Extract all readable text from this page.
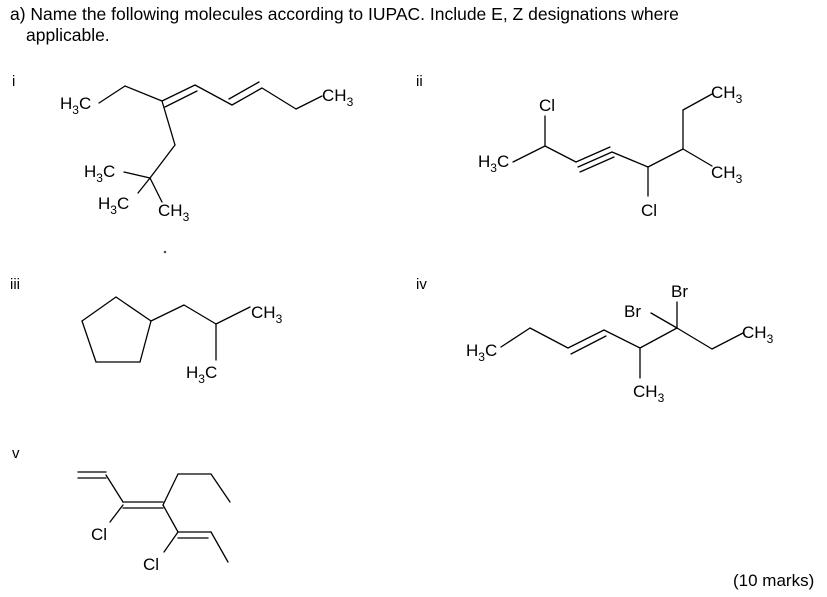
a) Name the following molecules according to IUPAC. Include E, Z designations where
applicable.
(10 marks)
i	ii
iii	iv
v
$H_3C$	$CH_3$
$H_3C$
$H_3C$ $CH_3$
Cl
$H_3C$
Cl
$CH_3$
$CH_3$
$CH_3$
$H_3C$
$H_3C$
Br
Br
$CH_3$
$CH_3$
Cl
Cl
